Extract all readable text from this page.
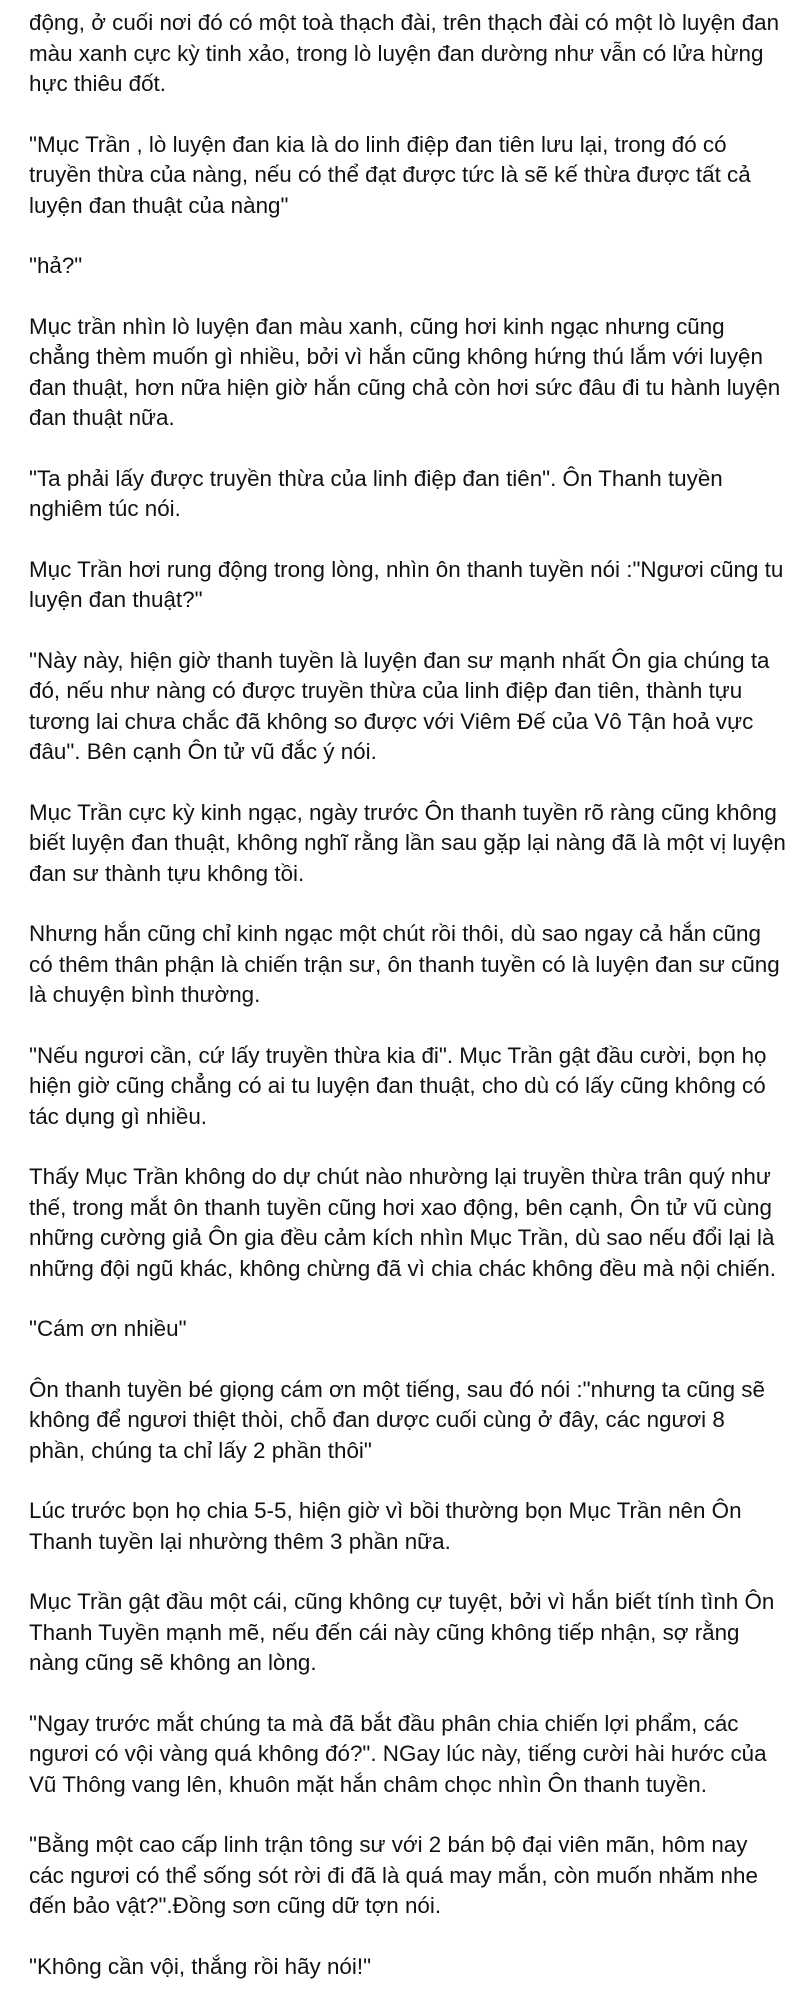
động, ở cuối nơi đó có một toà thạch đài, trên thạch đài có một lò luyện đan màu xanh cực kỳ tinh xảo, trong lò luyện đan dường như vẫn có lửa hừng hực thiêu đốt.

"Mục Trần , lò luyện đan kia là do linh điệp đan tiên lưu lại, trong đó có truyền thừa của nàng, nếu có thể đạt được tức là sẽ kế thừa được tất cả luyện đan thuật của nàng"

"hả?"

Mục trần nhìn lò luyện đan màu xanh, cũng hơi kinh ngạc nhưng cũng chẳng thèm muốn gì nhiều, bởi vì hắn cũng không hứng thú lắm với luyện đan thuật, hơn nữa hiện giờ hắn cũng chả còn hơi sức đâu đi tu hành luyện đan thuật nữa.

"Ta phải lấy được truyền thừa của linh điệp đan tiên". Ôn Thanh tuyền nghiêm túc nói.

Mục Trần hơi rung động trong lòng, nhìn ôn thanh tuyền nói :"Ngươi cũng tu luyện đan thuật?"

"Này này, hiện giờ thanh tuyền là luyện đan sư mạnh nhất Ôn gia chúng ta đó, nếu như nàng có được truyền thừa của linh điệp đan tiên, thành tựu tương lai chưa chắc đã không so được với Viêm Đế của Vô Tận hoả vực đâu". Bên cạnh Ôn tử vũ đắc ý nói.

Mục Trần cực kỳ kinh ngạc, ngày trước Ôn thanh tuyền rõ ràng cũng không biết luyện đan thuật, không nghĩ rằng lần sau gặp lại nàng đã là một vị luyện đan sư thành tựu không tồi.

Nhưng hắn cũng chỉ kinh ngạc một chút rồi thôi, dù sao ngay cả hắn cũng có thêm thân phận là chiến trận sư, ôn thanh tuyền có là luyện đan sư cũng là chuyện bình thường.

"Nếu ngươi cần, cứ lấy truyền thừa kia đi". Mục Trần gật đầu cười, bọn họ hiện giờ cũng chẳng có ai tu luyện đan thuật, cho dù có lấy cũng không có tác dụng gì nhiều.

Thấy Mục Trần không do dự chút nào nhường lại truyền thừa trân quý như thế, trong mắt ôn thanh tuyền cũng hơi xao động, bên cạnh, Ôn tử vũ cùng những cường giả Ôn gia đều cảm kích nhìn Mục Trần, dù sao nếu đổi lại là những đội ngũ khác, không chừng đã vì chia chác không đều mà nội chiến.

"Cám ơn nhiều"

Ôn thanh tuyền bé giọng cám ơn một tiếng, sau đó nói :"nhưng ta cũng sẽ không để ngươi thiệt thòi, chỗ đan dược cuối cùng ở đây, các ngươi 8 phần, chúng ta chỉ lấy 2 phần thôi"

Lúc trước bọn họ chia 5-5, hiện giờ vì bồi thường bọn Mục Trần nên Ôn Thanh tuyền lại nhường thêm 3 phần nữa.

Mục Trần gật đầu một cái, cũng không cự tuyệt, bởi vì hắn biết tính tình Ôn Thanh Tuyền mạnh mẽ, nếu đến cái này cũng không tiếp nhận, sợ rằng nàng cũng sẽ không an lòng.

"Ngay trước mắt chúng ta mà đã bắt đầu phân chia chiến lợi phẩm, các ngươi có vội vàng quá không đó?". NGay lúc này, tiếng cười hài hước của Vũ Thông vang lên, khuôn mặt hắn châm chọc nhìn Ôn thanh tuyền.

"Bằng một cao cấp linh trận tông sư với 2 bán bộ đại viên mãn, hôm nay các ngươi có thể sống sót rời đi đã là quá may mắn, còn muốn nhăm nhe đến bảo vật?".Đồng sơn cũng dữ tợn nói.

"Không cần vội, thắng rồi hãy nói!"
